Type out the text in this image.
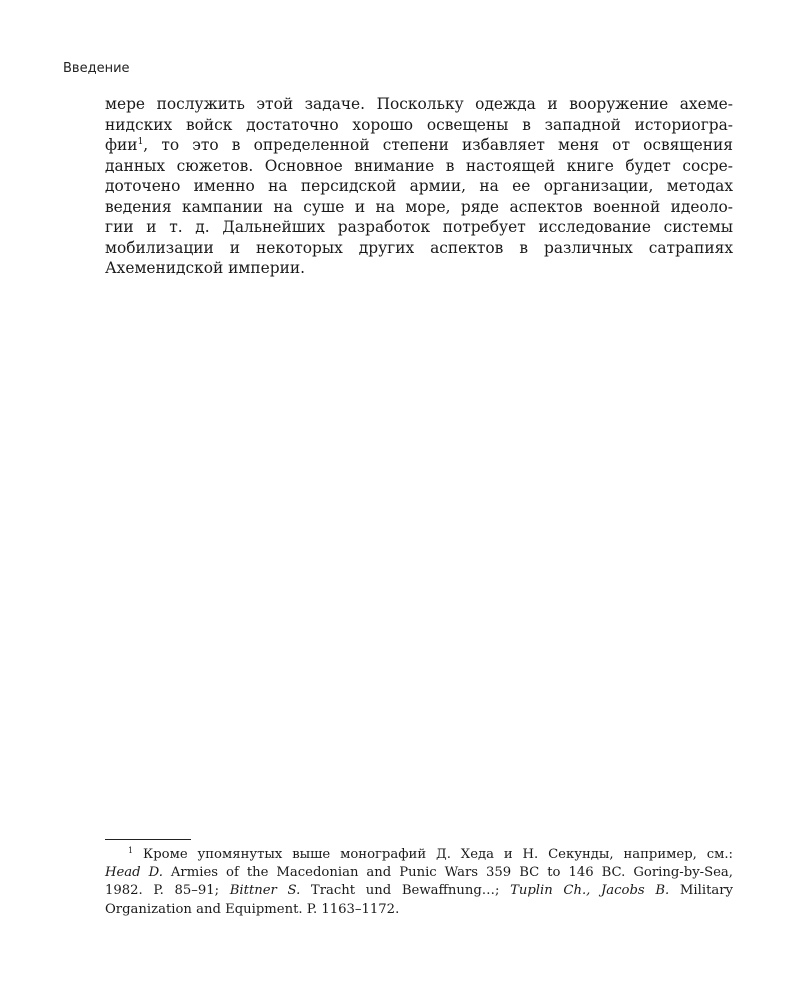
Введение
мере послужить этой задаче. Поскольку одежда и вооружение ахеме-
нидских войск достаточно хорошо освещены в западной историогра-
фии$^1$, то это в определенной степени избавляет меня от освящения
данных сюжетов. Основное внимание в настоящей книге будет сосре-
доточено именно на персидской армии, на ее организации, методах
ведения кампании на суше и на море, ряде аспектов военной идеоло-
гии и т. д. Дальнейших разработок потребует исследование системы
мобилизации и некоторых других аспектов в различных сатрапиях
Ахеменидской империи.
$^1$ Кроме упомянутых выше монографий Д. Хеда и Н. Секунды, например, см.:
Head D. Armies of the Macedonian and Punic Wars 359 BC to 146 BC. Goring-by-Sea,
1982. P. 85–91; Bittner S. Tracht und Bewaffnung…; Tuplin Ch., Jacobs B. Military
Organization and Equipment. P. 1163–1172.
